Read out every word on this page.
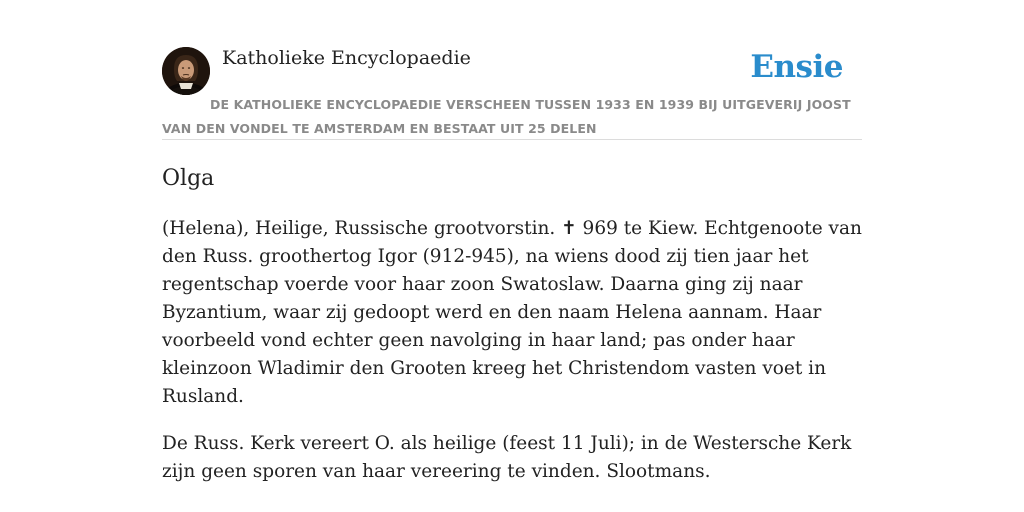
Katholieke Encyclopaedie	Ensie
DE KATHOLIEKE ENCYCLOPAEDIE VERSCHEEN TUSSEN 1933 EN 1939 BIJ UITGEVERIJ JOOST VAN DEN VONDEL TE AMSTERDAM EN BESTAAT UIT 25 DELEN
Olga

(Helena), Heilige, Russische grootvorstin. ✝ 969 te Kiew. Echtgenoote van den Russ. groothertog Igor (912-945), na wiens dood zij tien jaar het regentschap voerde voor haar zoon Swatoslaw. Daarna ging zij naar Byzantium, waar zij gedoopt werd en den naam Helena aannam. Haar voorbeeld vond echter geen navolging in haar land; pas onder haar kleinzoon Wladimir den Grooten kreeg het Christendom vasten voet in Rusland.

De Russ. Kerk vereert O. als heilige (feest 11 Juli); in de Westersche Kerk zijn geen sporen van haar vereering te vinden. Slootmans.
